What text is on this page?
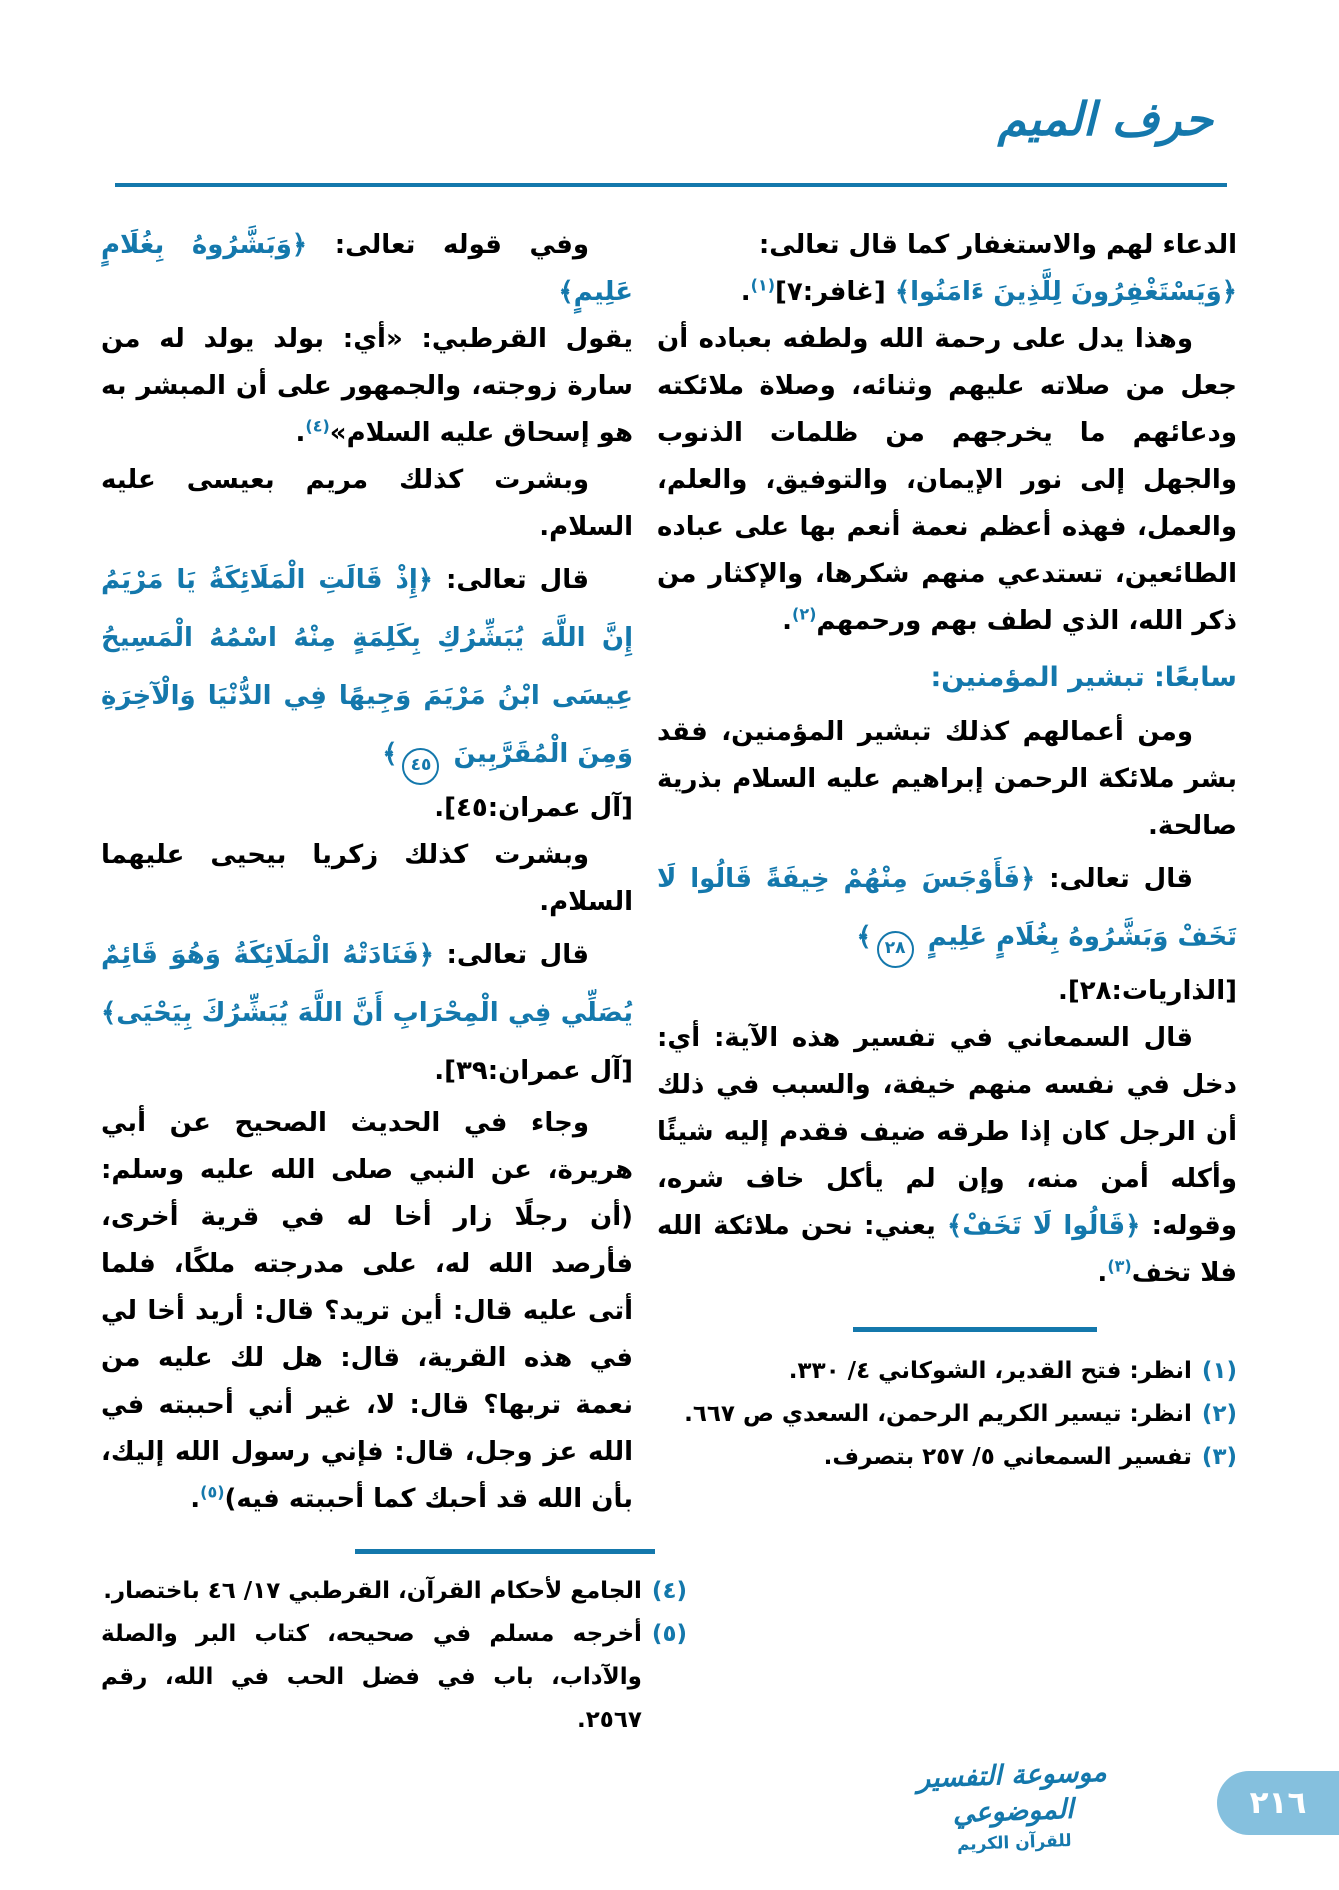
حرف الميم

الدعاء لهم والاستغفار كما قال تعالى:

﴿وَيَسْتَغْفِرُونَ لِلَّذِينَ ءَامَنُوا﴾ [غافر:٧]$^{(١)}$.

وهذا يدل على رحمة الله ولطفه بعباده أن جعل من صلاته عليهم وثنائه، وصلاة ملائكته ودعائهم ما يخرجهم من ظلمات الذنوب والجهل إلى نور الإيمان، والتوفيق، والعلم، والعمل، فهذه أعظم نعمة أنعم بها على عباده الطائعين، تستدعي منهم شكرها، والإكثار من ذكر الله، الذي لطف بهم ورحمهم$^{(٢)}$.

سابعًا: تبشير المؤمنين:

ومن أعمالهم كذلك تبشير المؤمنين، فقد بشر ملائكة الرحمن إبراهيم عليه السلام بذرية صالحة.

قال تعالى: ﴿فَأَوْجَسَ مِنْهُمْ خِيفَةً قَالُوا لَا تَخَفْ وَبَشَّرُوهُ بِغُلَامٍ عَلِيمٍ ٢٨﴾

[الذاريات:٢٨].

قال السمعاني في تفسير هذه الآية: أي: دخل في نفسه منهم خيفة، والسبب في ذلك أن الرجل كان إذا طرقه ضيف فقدم إليه شيئًا وأكله أمن منه، وإن لم يأكل خاف شره، وقوله: ﴿قَالُوا لَا تَخَفْ﴾ يعني: نحن ملائكة الله فلا تخف$^{(٣)}$.

(١)
انظر: فتح القدير، الشوكاني ٤/ ٣٣٠.
(٢)
انظر: تيسير الكريم الرحمن، السعدي ص ٦٦٧.
(٣)
تفسير السمعاني ٥/ ٢٥٧ بتصرف.

وفي قوله تعالى: ﴿وَبَشَّرُوهُ بِغُلَامٍ عَلِيمٍ﴾

يقول القرطبي: «أي: بولد يولد له من سارة زوجته، والجمهور على أن المبشر به هو إسحاق عليه السلام»$^{(٤)}$.

وبشرت كذلك مريم بعيسى عليه السلام.

قال تعالى: ﴿إِذْ قَالَتِ الْمَلَائِكَةُ يَا مَرْيَمُ إِنَّ اللَّهَ يُبَشِّرُكِ بِكَلِمَةٍ مِنْهُ اسْمُهُ الْمَسِيحُ عِيسَى ابْنُ مَرْيَمَ وَجِيهًا فِي الدُّنْيَا وَالْآخِرَةِ وَمِنَ الْمُقَرَّبِينَ ٤٥﴾

[آل عمران:٤٥].

وبشرت كذلك زكريا بيحيى عليهما السلام.

قال تعالى: ﴿فَنَادَتْهُ الْمَلَائِكَةُ وَهُوَ قَائِمٌ يُصَلِّي فِي الْمِحْرَابِ أَنَّ اللَّهَ يُبَشِّرُكَ بِيَحْيَى﴾ [آل عمران:٣٩].

وجاء في الحديث الصحيح عن أبي هريرة، عن النبي صلى الله عليه وسلم: (أن رجلًا زار أخا له في قرية أخرى، فأرصد الله له، على مدرجته ملكًا، فلما أتى عليه قال: أين تريد؟ قال: أريد أخا لي في هذه القرية، قال: هل لك عليه من نعمة تربها؟ قال: لا، غير أني أحببته في الله عز وجل، قال: فإني رسول الله إليك، بأن الله قد أحبك كما أحببته فيه)$^{(٥)}$.

(٤)
الجامع لأحكام القرآن، القرطبي ١٧/ ٤٦ باختصار.
(٥)
أخرجه مسلم في صحيحه، كتاب البر والصلة والآداب، باب في فضل الحب في الله، رقم ٢٥٦٧.
موسوعة التفسير الموضوعي
للقرآن الكريم
٢١٦
